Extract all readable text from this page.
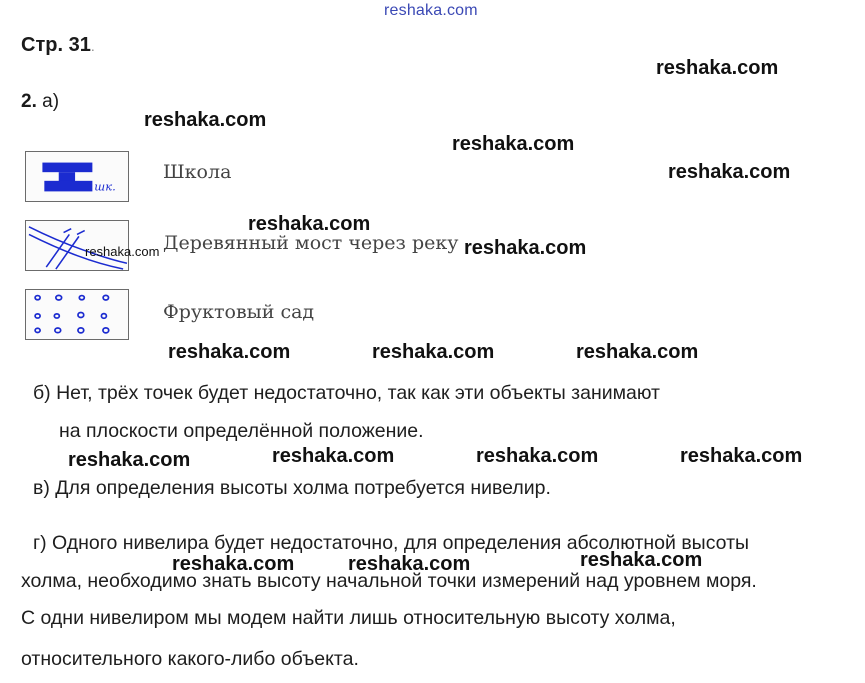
reshaka.com
Стр. 31.
2. а)
шк.
Школа
Деревянный мост через реку
Фруктовый сад
б) Нет, трёх точек будет недостаточно, так как эти объекты занимают
на плоскости определённой положение.
в) Для определения высоты холма потребуется нивелир.
г) Одного нивелира будет недостаточно, для определения абсолютной высоты
холма, необходимо знать высоту начальной точки измерений над уровнем моря.
С одни нивелиром мы модем найти лишь относительную высоту холма,
относительного какого-либо объекта.
reshaka.com
reshaka.com
reshaka.com
reshaka.com
reshaka.com
reshaka.com
reshaka.com
reshaka.com	reshaka.com	reshaka.com
reshaka.com	reshaka.com	reshaka.com	reshaka.com
reshaka.com
reshaka.com	reshaka.com
